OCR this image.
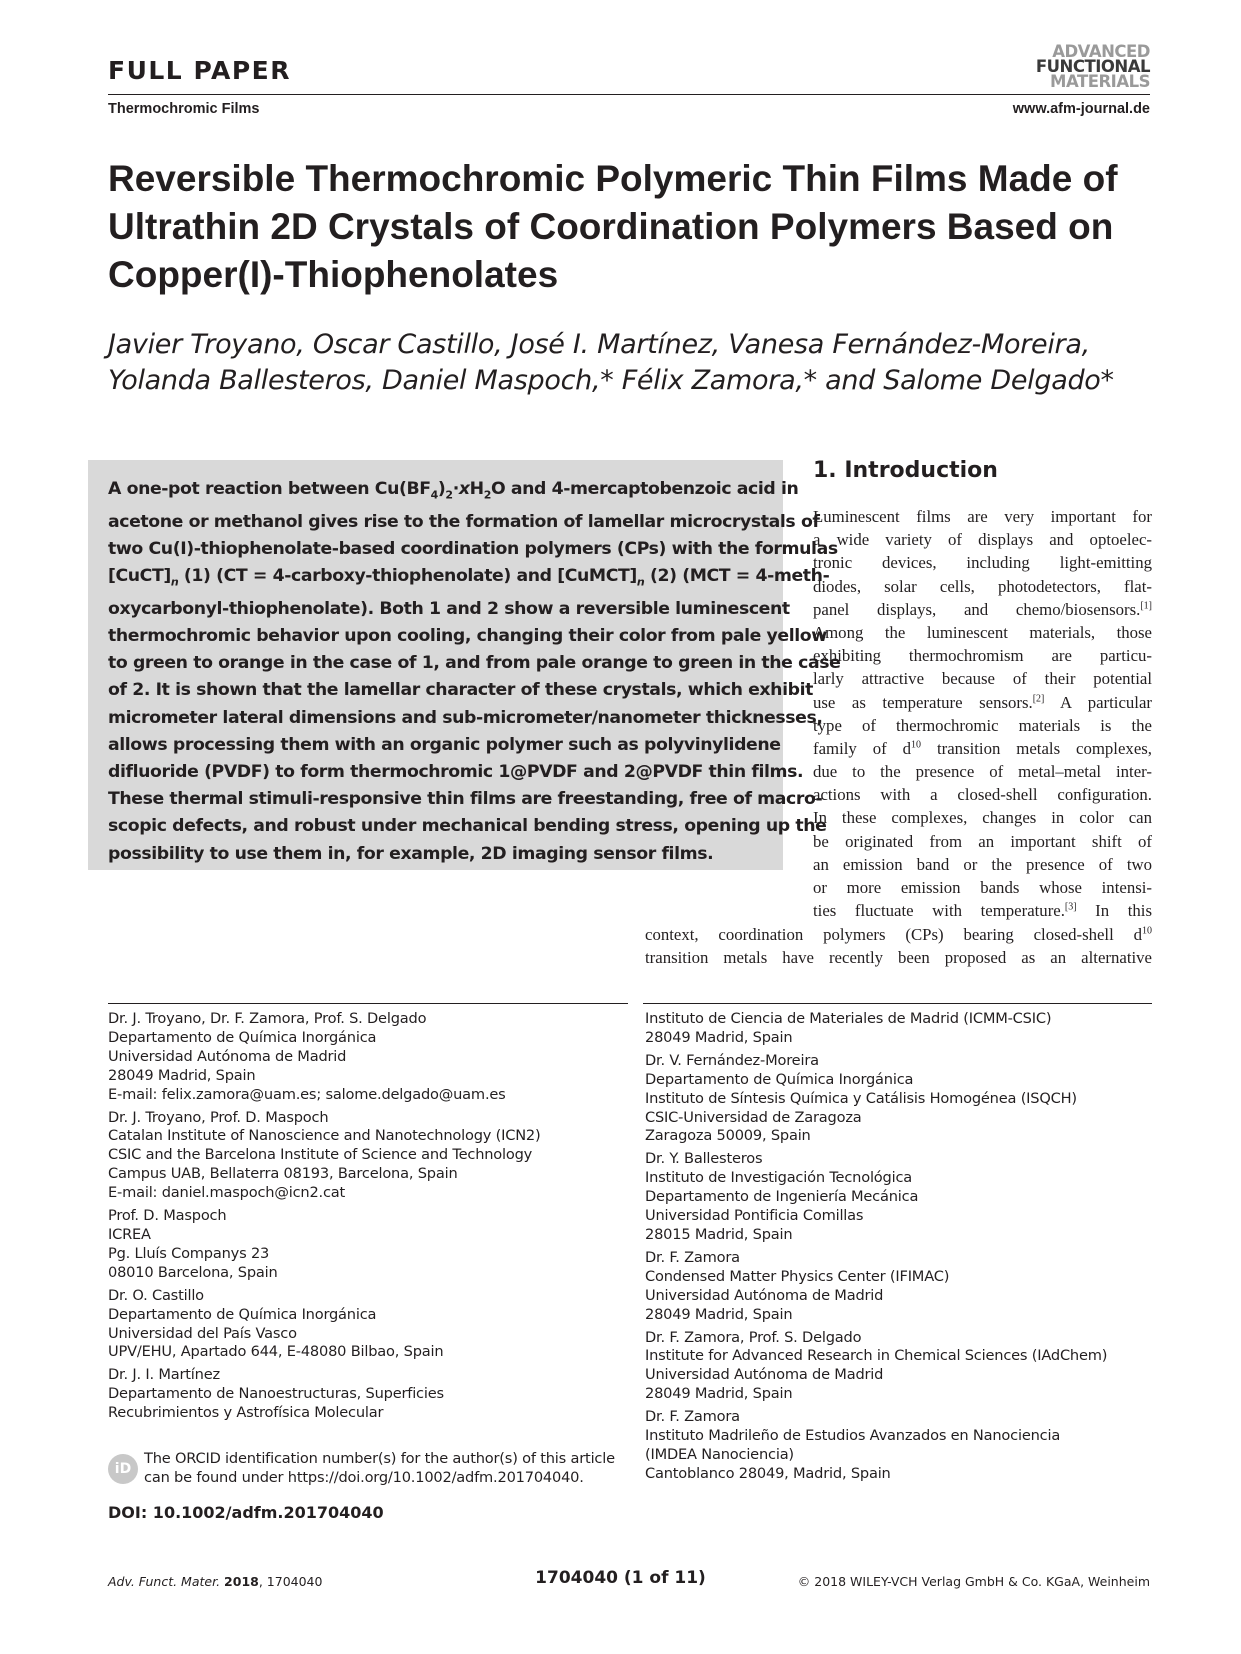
FULL PAPER
ADVANCED
FUNCTIONAL
MATERIALS
Thermochromic Films	www.afm-journal.de
Reversible Thermochromic Polymeric Thin Films Made of Ultrathin 2D Crystals of Coordination Polymers Based on Copper(I)-Thiophenolates

Javier Troyano, Oscar Castillo, José I. Martínez, Vanesa Fernández-Moreira,

Yolanda Ballesteros, Daniel Maspoch,* Félix Zamora,* and Salome Delgado*

A one-pot reaction between $Cu(BF_4)_2\cdot xH_2O$ and 4-mercaptobenzoic acid in

acetone or methanol gives rise to the formation of lamellar microcrystals of

two Cu(I)-thiophenolate-based coordination polymers (CPs) with the formulas

$[CuCT]_n$ (1) (CT = 4-carboxy-thiophenolate) and $[CuMCT]_n$ (2) (MCT = 4-meth-

oxycarbonyl-thiophenolate). Both 1 and 2 show a reversible luminescent

thermochromic behavior upon cooling, changing their color from pale yellow

to green to orange in the case of 1, and from pale orange to green in the case

of 2. It is shown that the lamellar character of these crystals, which exhibit

micrometer lateral dimensions and sub-micrometer/nanometer thicknesses,

allows processing them with an organic polymer such as polyvinylidene

difluoride (PVDF) to form thermochromic 1@PVDF and 2@PVDF thin films.

These thermal stimuli-responsive thin films are freestanding, free of macro-

scopic defects, and robust under mechanical bending stress, opening up the

possibility to use them in, for example, 2D imaging sensor films.

1. Introduction

Luminescent films are very important for

a wide variety of displays and optoelec-

tronic devices, including light-emitting

diodes, solar cells, photodetectors, flat-

panel displays, and chemo/biosensors.[1]

Among the luminescent materials, those

exhibiting thermochromism are particu-

larly attractive because of their potential

use as temperature sensors.[2] A particular

type of thermochromic materials is the

family of $d^{10}$ transition metals complexes,

due to the presence of metal–metal inter-

actions with a closed-shell configuration.

In these complexes, changes in color can

be originated from an important shift of

an emission band or the presence of two

or more emission bands whose intensi-

ties fluctuate with temperature.[3] In this

context, coordination polymers (CPs) bearing closed-shell $d^{10}$

transition metals have recently been proposed as an alternative

Dr. J. Troyano, Dr. F. Zamora, Prof. S. Delgado
Departamento de Química Inorgánica
Universidad Autónoma de Madrid
28049 Madrid, Spain
E-mail: felix.zamora@uam.es; salome.delgado@uam.es
Dr. J. Troyano, Prof. D. Maspoch
Catalan Institute of Nanoscience and Nanotechnology (ICN2)
CSIC and the Barcelona Institute of Science and Technology
Campus UAB, Bellaterra 08193, Barcelona, Spain
E-mail: daniel.maspoch@icn2.cat
Prof. D. Maspoch
ICREA
Pg. Lluís Companys 23
08010 Barcelona, Spain
Dr. O. Castillo
Departamento de Química Inorgánica
Universidad del País Vasco
UPV/EHU, Apartado 644, E-48080 Bilbao, Spain
Dr. J. I. Martínez
Departamento de Nanoestructuras, Superficies
Recubrimientos y Astrofísica Molecular
Instituto de Ciencia de Materiales de Madrid (ICMM-CSIC)
28049 Madrid, Spain
Dr. V. Fernández-Moreira
Departamento de Química Inorgánica
Instituto de Síntesis Química y Catálisis Homogénea (ISQCH)
CSIC-Universidad de Zaragoza
Zaragoza 50009, Spain
Dr. Y. Ballesteros
Instituto de Investigación Tecnológica
Departamento de Ingeniería Mecánica
Universidad Pontificia Comillas
28015 Madrid, Spain
Dr. F. Zamora
Condensed Matter Physics Center (IFIMAC)
Universidad Autónoma de Madrid
28049 Madrid, Spain
Dr. F. Zamora, Prof. S. Delgado
Institute for Advanced Research in Chemical Sciences (IAdChem)
Universidad Autónoma de Madrid
28049 Madrid, Spain
Dr. F. Zamora
Instituto Madrileño de Estudios Avanzados en Nanociencia
(IMDEA Nanociencia)
Cantoblanco 28049, Madrid, Spain
iD

The ORCID identification number(s) for the author(s) of this article

can be found under https://doi.org/10.1002/adfm.201704040.

DOI: 10.1002/adfm.201704040
Adv. Funct. Mater. 2018, 1704040	1704040 (1 of 11)	© 2018 WILEY-VCH Verlag GmbH & Co. KGaA, Weinheim
